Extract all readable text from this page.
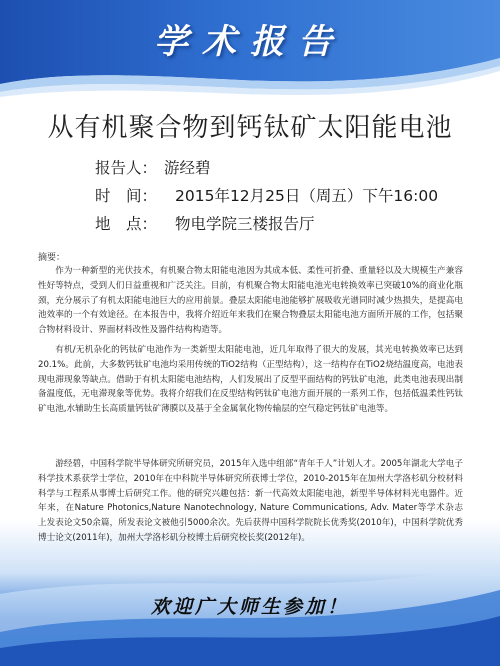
学术报告
从有机聚合物到钙钛矿太阳能电池
报告人： 游经碧
时　间： 2015年12月25日（周五）下午16:00
地　点： 物电学院三楼报告厅
摘要：

作为一种新型的光伏技术，有机聚合物太阳能电池因为其成本低、柔性可折叠、重量轻以及大规模生产兼容性好等特点，受到人们日益重视和广泛关注。目前，有机聚合物太阳能电池光电转换效率已突破10%的商业化瓶颈，充分展示了有机太阳能电池巨大的应用前景。叠层太阳能电池能够扩展吸收光谱同时减少热损失，是提高电池效率的一个有效途径。在本报告中，我将介绍近年来我们在聚合物叠层太阳能电池方面所开展的工作，包括聚合物材料设计、界面材料改性及器件结构构造等。

有机/无机杂化的钙钛矿电池作为一类新型太阳能电池，近几年取得了很大的发展，其光电转换效率已达到20.1%。此前，大多数钙钛矿电池均采用传统的TiO2结构（正型结构），这一结构存在TiO2烧结温度高，电池表现电滞现象等缺点。借助于有机太阳能电池结构，人们发展出了反型平面结构的钙钛矿电池，此类电池表现出制备温度低，无电滞现象等优势。我将介绍我们在反型结构钙钛矿电池方面开展的一系列工作，包括低温柔性钙钛矿电池,水辅助生长高质量钙钛矿薄膜以及基于全金属氧化物传输层的空气稳定钙钛矿电池等。

游经碧，中国科学院半导体研究所研究员，2015年入选中组部“青年千人”计划人才。2005年湖北大学电子科学技术系获学士学位，2010年在中科院半导体研究所获博士学位，2010-2015年在加州大学洛杉矶分校材料科学与工程系从事博士后研究工作。他的研究兴趣包括：新一代高效太阳能电池，新型半导体材料光电器件。近年来，在Nature Photonics,Nature Nanotechnology, Nature Communications, Adv. Mater等学术杂志上发表论文50余篇，所发表论文被他引5000余次。先后获得中国科学院院长优秀奖(2010年)，中国科学院优秀博士论文(2011年)，加州大学洛杉矶分校博士后研究校长奖(2012年)。

欢迎广大师生参加！
